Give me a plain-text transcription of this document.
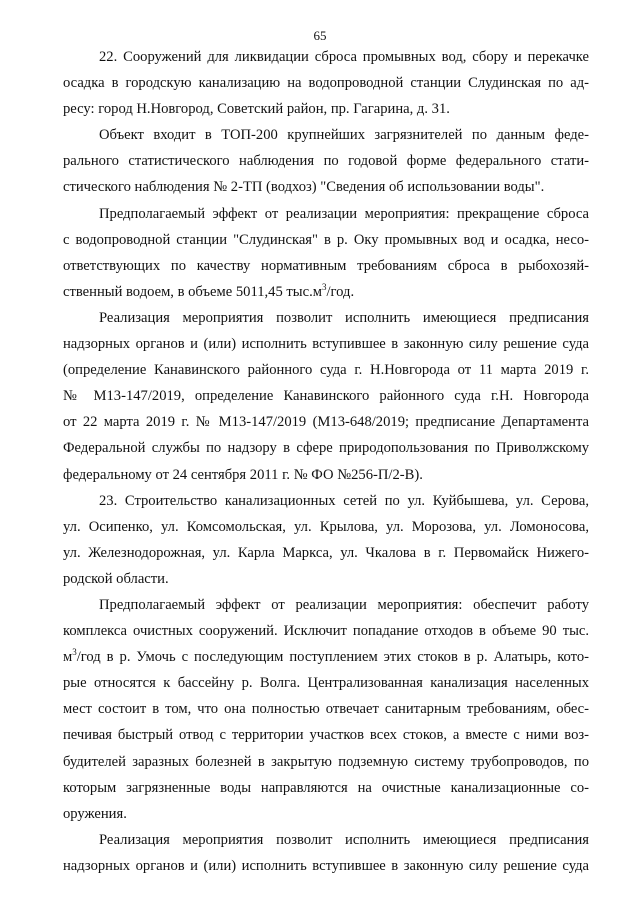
65
22. Сооружений для ликвидации сброса промывных вод, сбору и перекачке
осадка в городскую канализацию на водопроводной станции Слудинская по ад-
ресу: город Н.Новгород, Советский район, пр. Гагарина, д. 31.
Объект входит в ТОП-200 крупнейших загрязнителей по данным феде-
рального статистического наблюдения по годовой форме федерального стати-
стического наблюдения № 2-ТП (водхоз) "Сведения об использовании воды".
Предполагаемый эффект от реализации мероприятия: прекращение сброса
с водопроводной станции "Слудинская" в р. Оку промывных вод и осадка, несо-
ответствующих по качеству нормативным требованиям сброса в рыбохозяй-
ственный водоем, в объеме 5011,45 $тыс.м^3$/год.
Реализация мероприятия позволит исполнить имеющиеся предписания
надзорных органов и (или) исполнить вступившее в законную силу решение суда
(определение Канавинского районного суда г. Н.Новгорода от 11 марта 2019 г.
№ М13-147/2019, определение Канавинского районного суда г.Н. Новгорода
от 22 марта 2019 г. № М13-147/2019 (М13-648/2019; предписание Департамента
Федеральной службы по надзору в сфере природопользования по Приволжскому
федеральному от 24 сентября 2011 г. № ФО №256-П/2-В).
23. Строительство канализационных сетей по ул. Куйбышева, ул. Серова,
ул. Осипенко, ул. Комсомольская, ул. Крылова, ул. Морозова, ул. Ломоносова,
ул. Железнодорожная, ул. Карла Маркса, ул. Чкалова в г. Первомайск Нижего-
родской области.
Предполагаемый эффект от реализации мероприятия: обеспечит работу
комплекса очистных сооружений. Исключит попадание отходов в объеме 90 тыс.
$м^3$/год в р. Умочь с последующим поступлением этих стоков в р. Алатырь, кото-
рые относятся к бассейну р. Волга. Централизованная канализация населенных
мест состоит в том, что она полностью отвечает санитарным требованиям, обес-
печивая быстрый отвод с территории участков всех стоков, а вместе с ними воз-
будителей заразных болезней в закрытую подземную систему трубопроводов, по
которым загрязненные воды направляются на очистные канализационные со-
оружения.
Реализация мероприятия позволит исполнить имеющиеся предписания
надзорных органов и (или) исполнить вступившее в законную силу решение суда
